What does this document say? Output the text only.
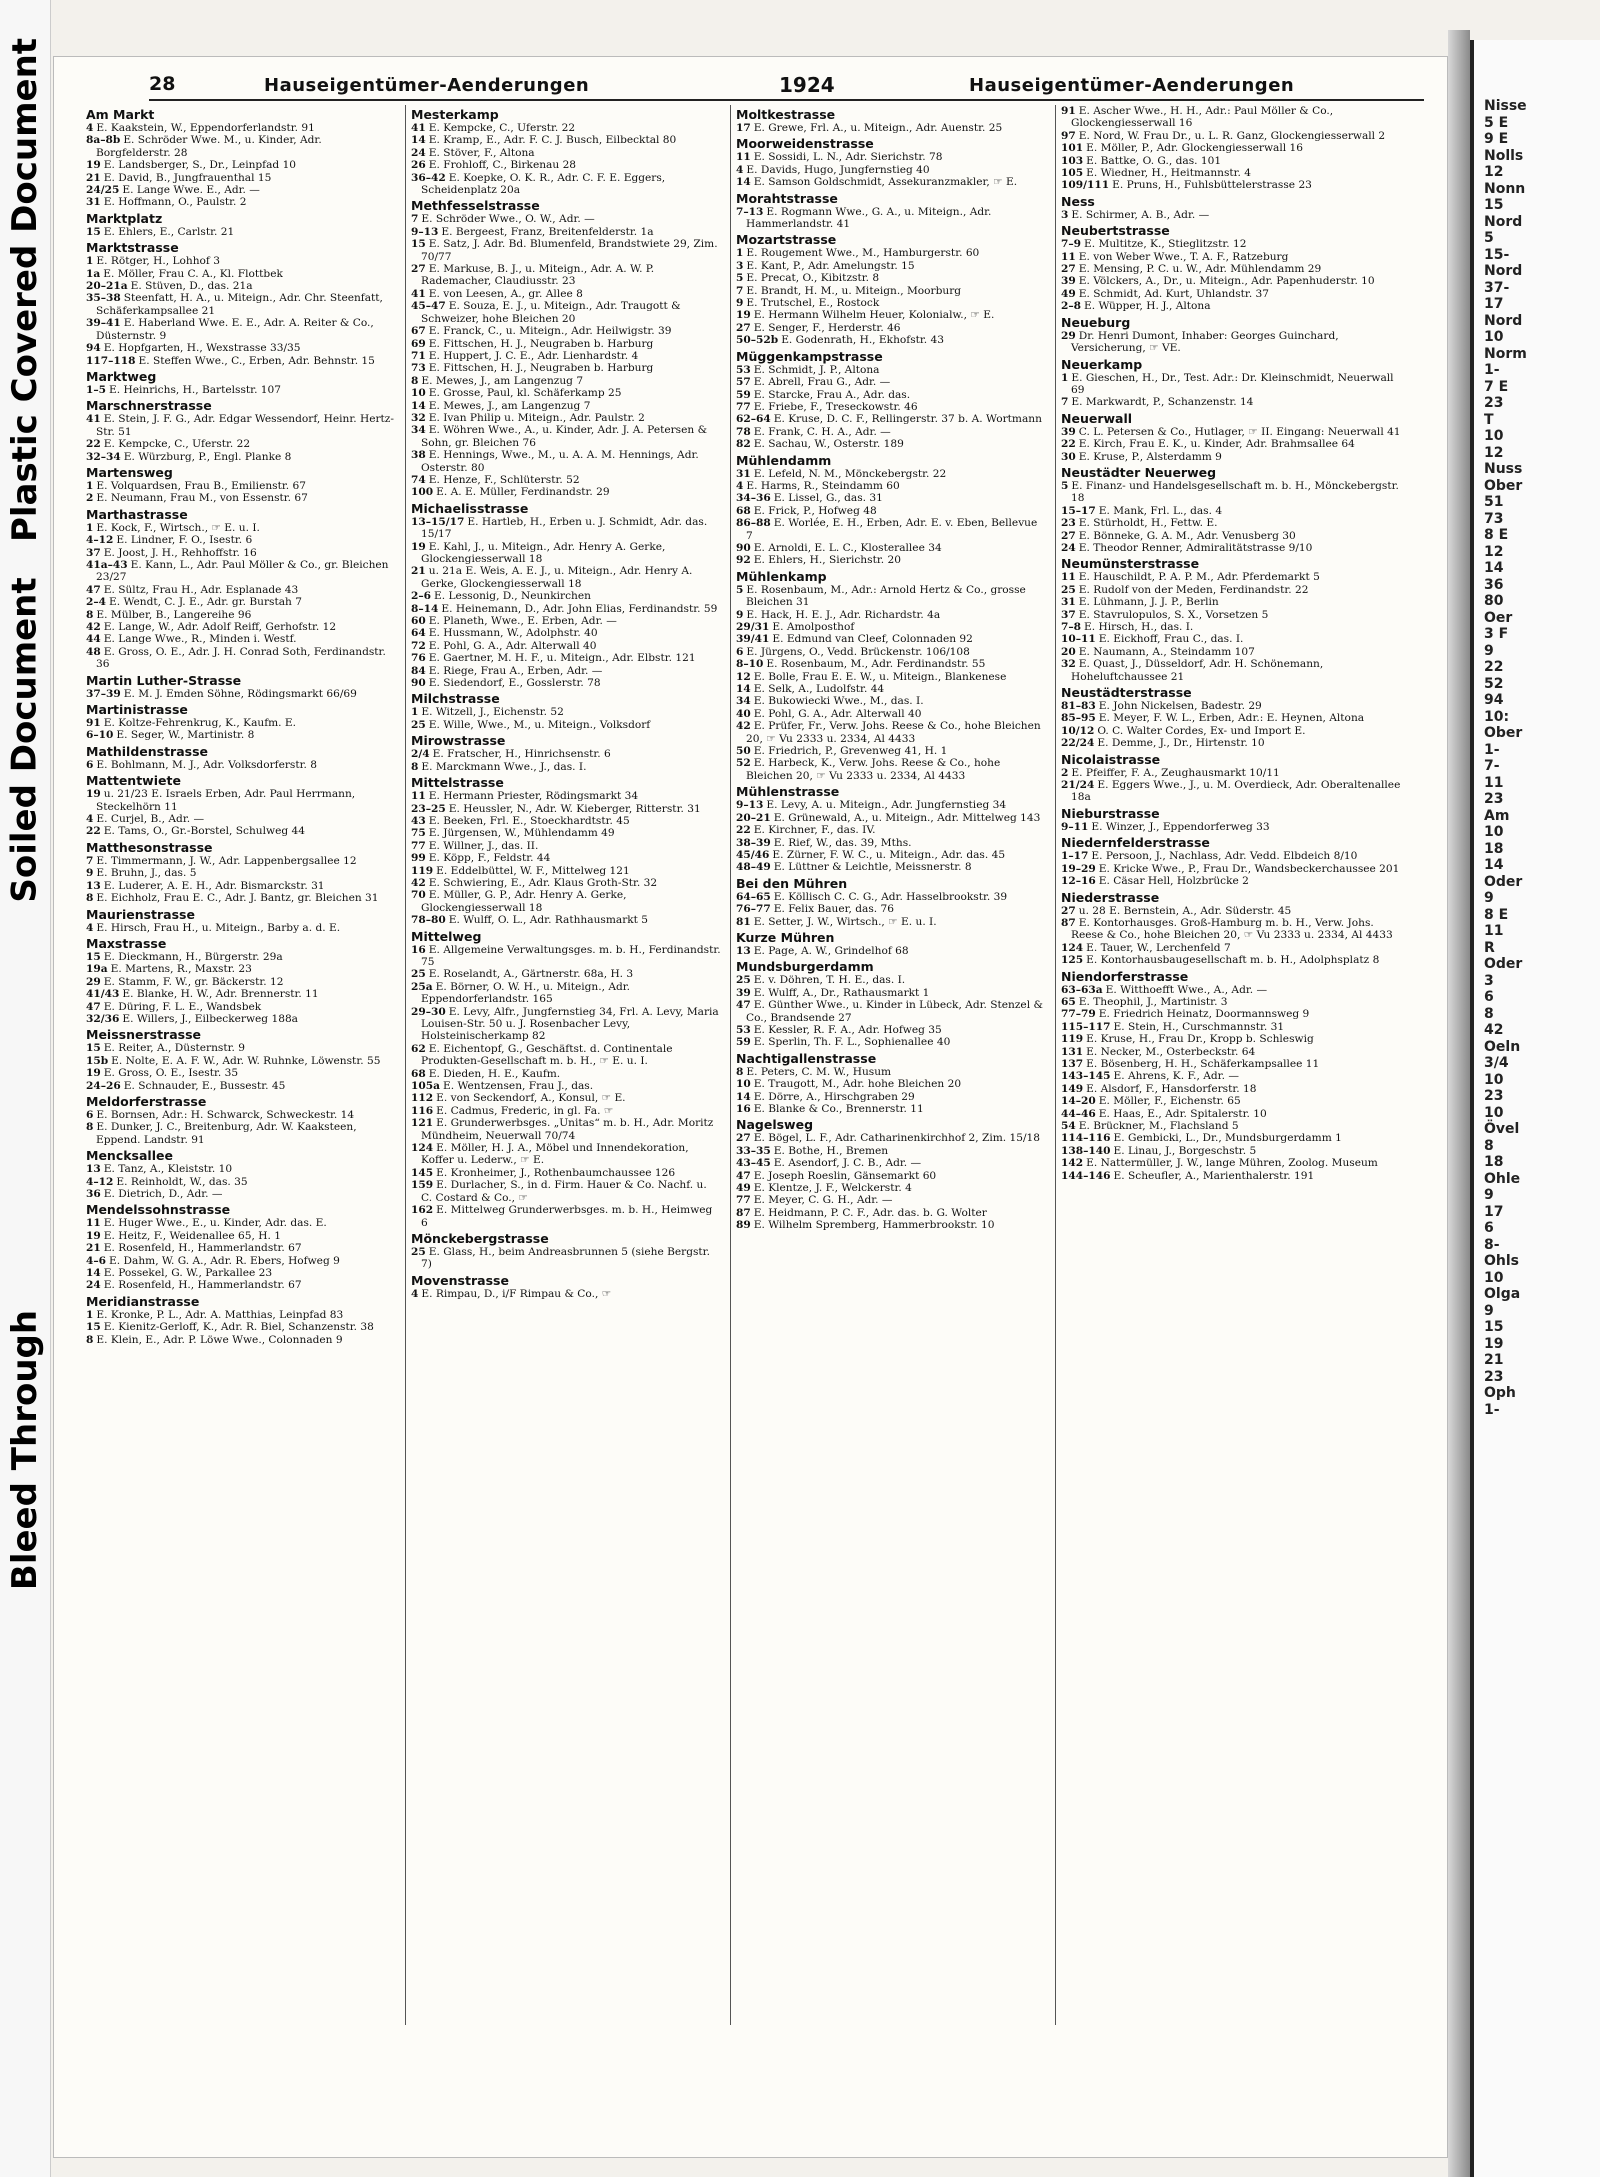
Plastic Covered Document
Soiled Document
Bleed Through
28	Hauseigentümer-Aenderungen	1924	Hauseigentümer-Aenderungen
Am Markt
4 E. Kaakstein, W., Eppendorferlandstr. 91
8a–8b E. Schröder Wwe. M., u. Kinder, Adr. Borgfelderstr. 28
19 E. Landsberger, S., Dr., Leinpfad 10
21 E. David, B., Jungfrauenthal 15
24/25 E. Lange Wwe. E., Adr. —
31 E. Hoffmann, O., Paulstr. 2
Marktplatz
15 E. Ehlers, E., Carlstr. 21
Marktstrasse
1 E. Rötger, H., Lohhof 3
1a E. Möller, Frau C. A., Kl. Flottbek
20–21a E. Stüven, D., das. 21a
35–38 Steenfatt, H. A., u. Miteign., Adr. Chr. Steenfatt, Schäferkampsallee 21
39–41 E. Haberland Wwe. E. E., Adr. A. Reiter & Co., Düsternstr. 9
94 E. Hopfgarten, H., Wexstrasse 33/35
117–118 E. Steffen Wwe., C., Erben, Adr. Behnstr. 15
Marktweg
1–5 E. Heinrichs, H., Bartelsstr. 107
Marschnerstrasse
41 E. Stein, J. F. G., Adr. Edgar Wessendorf, Heinr. Hertz-Str. 51
22 E. Kempcke, C., Uferstr. 22
32–34 E. Würzburg, P., Engl. Planke 8
Martensweg
1 E. Volquardsen, Frau B., Emilienstr. 67
2 E. Neumann, Frau M., von Essenstr. 67
Marthastrasse
1 E. Kock, F., Wirtsch., ☞ E. u. I.
4–12 E. Lindner, F. O., Isestr. 6
37 E. Joost, J. H., Rehhoffstr. 16
41a–43 E. Kann, L., Adr. Paul Möller & Co., gr. Bleichen 23/27
47 E. Sültz, Frau H., Adr. Esplanade 43
2–4 E. Wendt, C. J. E., Adr. gr. Burstah 7
8 E. Mülber, B., Langereihe 96
42 E. Lange, W., Adr. Adolf Reiff, Gerhofstr. 12
44 E. Lange Wwe., R., Minden i. Westf.
48 E. Gross, O. E., Adr. J. H. Conrad Soth, Ferdinandstr. 36
Martin Luther-Strasse
37–39 E. M. J. Emden Söhne, Rödingsmarkt 66/69
Martinistrasse
91 E. Koltze-Fehrenkrug, K., Kaufm. E.
6–10 E. Seger, W., Martinistr. 8
Mathildenstrasse
6 E. Bohlmann, M. J., Adr. Volksdorferstr. 8
Mattentwiete
19 u. 21/23 E. Israels Erben, Adr. Paul Herrmann, Steckelhörn 11
4 E. Curjel, B., Adr. —
22 E. Tams, O., Gr.-Borstel, Schulweg 44
Matthesonstrasse
7 E. Timmermann, J. W., Adr. Lappenbergsallee 12
9 E. Bruhn, J., das. 5
13 E. Luderer, A. E. H., Adr. Bismarckstr. 31
8 E. Eichholz, Frau E. C., Adr. J. Bantz, gr. Bleichen 31
Maurienstrasse
4 E. Hirsch, Frau H., u. Miteign., Barby a. d. E.
Maxstrasse
15 E. Dieckmann, H., Bürgerstr. 29a
19a E. Martens, R., Maxstr. 23
29 E. Stamm, F. W., gr. Bäckerstr. 12
41/43 E. Blanke, H. W., Adr. Brennerstr. 11
47 E. Düring, F. L. E., Wandsbek
32/36 E. Willers, J., Eilbeckerweg 188a
Meissnerstrasse
15 E. Reiter, A., Düsternstr. 9
15b E. Nolte, E. A. F. W., Adr. W. Ruhnke, Löwenstr. 55
19 E. Gross, O. E., Isestr. 35
24–26 E. Schnauder, E., Bussestr. 45
Meldorferstrasse
6 E. Bornsen, Adr.: H. Schwarck, Schweckestr. 14
8 E. Dunker, J. C., Breitenburg, Adr. W. Kaaksteen, Eppend. Landstr. 91
Mencksallee
13 E. Tanz, A., Kleiststr. 10
4–12 E. Reinholdt, W., das. 35
36 E. Dietrich, D., Adr. —
Mendelssohnstrasse
11 E. Huger Wwe., E., u. Kinder, Adr. das. E.
19 E. Heitz, F., Weidenallee 65, H. 1
21 E. Rosenfeld, H., Hammerlandstr. 67
4–6 E. Dahm, W. G. A., Adr. R. Ebers, Hofweg 9
14 E. Possekel, G. W., Parkallee 23
24 E. Rosenfeld, H., Hammerlandstr. 67
Meridianstrasse
1 E. Kronke, P. L., Adr. A. Matthias, Leinpfad 83
15 E. Kienitz-Gerloff, K., Adr. R. Biel, Schanzenstr. 38
8 E. Klein, E., Adr. P. Löwe Wwe., Colonnaden 9
Mesterkamp
41 E. Kempcke, C., Uferstr. 22
14 E. Kramp, E., Adr. F. C. J. Busch, Eilbecktal 80
24 E. Stöver, F., Altona
26 E. Frohloff, C., Birkenau 28
36–42 E. Koepke, O. K. R., Adr. C. F. E. Eggers, Scheidenplatz 20a
Methfesselstrasse
7 E. Schröder Wwe., O. W., Adr. —
9–13 E. Bergeest, Franz, Breitenfelderstr. 1a
15 E. Satz, J. Adr. Bd. Blumenfeld, Brandstwiete 29, Zim. 70/77
27 E. Markuse, B. J., u. Miteign., Adr. A. W. P. Rademacher, Claudiusstr. 23
41 E. von Leesen, A., gr. Allee 8
45–47 E. Souza, E. J., u. Miteign., Adr. Traugott & Schweizer, hohe Bleichen 20
67 E. Franck, C., u. Miteign., Adr. Heilwigstr. 39
69 E. Fittschen, H. J., Neugraben b. Harburg
71 E. Huppert, J. C. E., Adr. Lienhardstr. 4
73 E. Fittschen, H. J., Neugraben b. Harburg
8 E. Mewes, J., am Langenzug 7
10 E. Grosse, Paul, kl. Schäferkamp 25
14 E. Mewes, J., am Langenzug 7
32 E. Ivan Philip u. Miteign., Adr. Paulstr. 2
34 E. Wöhren Wwe., A., u. Kinder, Adr. J. A. Petersen & Sohn, gr. Bleichen 76
38 E. Hennings, Wwe., M., u. A. A. M. Hennings, Adr. Osterstr. 80
74 E. Henze, F., Schlüterstr. 52
100 E. A. E. Müller, Ferdinandstr. 29
Michaelisstrasse
13–15/17 E. Hartleb, H., Erben u. J. Schmidt, Adr. das. 15/17
19 E. Kahl, J., u. Miteign., Adr. Henry A. Gerke, Glockengiesserwall 18
21 u. 21a E. Weis, A. E. J., u. Miteign., Adr. Henry A. Gerke, Glockengiesserwall 18
2–6 E. Lessonig, D., Neunkirchen
8–14 E. Heinemann, D., Adr. John Elias, Ferdinandstr. 59
60 E. Planeth, Wwe., E. Erben, Adr. —
64 E. Hussmann, W., Adolphstr. 40
72 E. Pohl, G. A., Adr. Alterwall 40
76 E. Gaertner, M. H. F., u. Miteign., Adr. Elbstr. 121
84 E. Riege, Frau A., Erben, Adr. —
90 E. Siedendorf, E., Gosslerstr. 78
Milchstrasse
1 E. Witzell, J., Eichenstr. 52
25 E. Wille, Wwe., M., u. Miteign., Volksdorf
Mirowstrasse
2/4 E. Fratscher, H., Hinrichsenstr. 6
8 E. Marckmann Wwe., J., das. I.
Mittelstrasse
11 E. Hermann Priester, Rödingsmarkt 34
23–25 E. Heussler, N., Adr. W. Kieberger, Ritterstr. 31
43 E. Beeken, Frl. E., Stoeckhardtstr. 45
75 E. Jürgensen, W., Mühlendamm 49
77 E. Willner, J., das. II.
99 E. Köpp, F., Feldstr. 44
119 E. Eddelbüttel, W. F., Mittelweg 121
42 E. Schwiering, E., Adr. Klaus Groth-Str. 32
70 E. Müller, G. P., Adr. Henry A. Gerke, Glockengiesserwall 18
78–80 E. Wulff, O. L., Adr. Rathhausmarkt 5
Mittelweg
16 E. Allgemeine Verwaltungsges. m. b. H., Ferdinandstr. 75
25 E. Roselandt, A., Gärtnerstr. 68a, H. 3
25a E. Börner, O. W. H., u. Miteign., Adr. Eppendorferlandstr. 165
29–30 E. Levy, Alfr., Jungfernstieg 34, Frl. A. Levy, Maria Louisen-Str. 50 u. J. Rosenbacher Levy, Holsteinischerkamp 82
62 E. Eichentopf, G., Geschäftst. d. Continentale Produkten-Gesellschaft m. b. H., ☞ E. u. I.
68 E. Dieden, H. E., Kaufm.
105a E. Wentzensen, Frau J., das.
112 E. von Seckendorf, A., Konsul, ☞ E.
116 E. Cadmus, Frederic, in gl. Fa. ☞
121 E. Grunderwerbsges. „Unitas“ m. b. H., Adr. Moritz Mündheim, Neuerwall 70/74
124 E. Möller, H. J. A., Möbel und Innendekoration, Koffer u. Lederw., ☞ E.
145 E. Kronheimer, J., Rothenbaumchaussee 126
159 E. Durlacher, S., in d. Firm. Hauer & Co. Nachf. u. C. Costard & Co., ☞
162 E. Mittelweg Grunderwerbsges. m. b. H., Heimweg 6
Mönckebergstrasse
25 E. Glass, H., beim Andreasbrunnen 5 (siehe Bergstr. 7)
Movenstrasse
4 E. Rimpau, D., i/F Rimpau & Co., ☞
Moltkestrasse
17 E. Grewe, Frl. A., u. Miteign., Adr. Auenstr. 25
Moorweidenstrasse
11 E. Sossidi, L. N., Adr. Sierichstr. 78
4 E. Davids, Hugo, Jungfernstieg 40
14 E. Samson Goldschmidt, Assekuranzmakler, ☞ E.
Morahtstrasse
7–13 E. Rogmann Wwe., G. A., u. Miteign., Adr. Hammerlandstr. 41
Mozartstrasse
1 E. Rougement Wwe., M., Hamburgerstr. 60
3 E. Kant, P., Adr. Amelungstr. 15
5 E. Precat, O., Kibitzstr. 8
7 E. Brandt, H. M., u. Miteign., Moorburg
9 E. Trutschel, E., Rostock
19 E. Hermann Wilhelm Heuer, Kolonialw., ☞ E.
27 E. Senger, F., Herderstr. 46
50–52b E. Godenrath, H., Ekhofstr. 43
Müggenkampstrasse
53 E. Schmidt, J. P., Altona
57 E. Abrell, Frau G., Adr. —
59 E. Starcke, Frau A., Adr. das.
77 E. Friebe, F., Treseckowstr. 46
62–64 E. Kruse, D. C. F., Rellingerstr. 37 b. A. Wortmann
78 E. Frank, C. H. A., Adr. —
82 E. Sachau, W., Osterstr. 189
Mühlendamm
31 E. Lefeld, N. M., Mönckebergstr. 22
4 E. Harms, R., Steindamm 60
34–36 E. Lissel, G., das. 31
68 E. Frick, P., Hofweg 48
86–88 E. Worlée, E. H., Erben, Adr. E. v. Eben, Bellevue 7
90 E. Arnoldi, E. L. C., Klosterallee 34
92 E. Ehlers, H., Sierichstr. 20
Mühlenkamp
5 E. Rosenbaum, M., Adr.: Arnold Hertz & Co., grosse Bleichen 31
9 E. Hack, H. E. J., Adr. Richardstr. 4a
29/31 E. Amolposthof
39/41 E. Edmund van Cleef, Colonnaden 92
6 E. Jürgens, O., Vedd. Brückenstr. 106/108
8–10 E. Rosenbaum, M., Adr. Ferdinandstr. 55
12 E. Bolle, Frau E. E. W., u. Miteign., Blankenese
14 E. Selk, A., Ludolfstr. 44
34 E. Bukowiecki Wwe., M., das. I.
40 E. Pohl, G. A., Adr. Alterwall 40
42 E. Prüfer, Fr., Verw. Johs. Reese & Co., hohe Bleichen 20, ☞ Vu 2333 u. 2334, Al 4433
50 E. Friedrich, P., Grevenweg 41, H. 1
52 E. Harbeck, K., Verw. Johs. Reese & Co., hohe Bleichen 20, ☞ Vu 2333 u. 2334, Al 4433
Mühlenstrasse
9–13 E. Levy, A. u. Miteign., Adr. Jungfernstieg 34
20–21 E. Grünewald, A., u. Miteign., Adr. Mittelweg 143
22 E. Kirchner, F., das. IV.
38–39 E. Rief, W., das. 39, Mths.
45/46 E. Zürner, F. W. C., u. Miteign., Adr. das. 45
48–49 E. Lüttner & Leichtle, Meissnerstr. 8
Bei den Mühren
64–65 E. Köllisch C. C. G., Adr. Hasselbrookstr. 39
76–77 E. Felix Bauer, das. 76
81 E. Setter, J. W., Wirtsch., ☞ E. u. I.
Kurze Mühren
13 E. Page, A. W., Grindelhof 68
Mundsburgerdamm
25 E. v. Döhren, T. H. E., das. I.
39 E. Wulff, A., Dr., Rathausmarkt 1
47 E. Günther Wwe., u. Kinder in Lübeck, Adr. Stenzel & Co., Brandsende 27
53 E. Kessler, R. F. A., Adr. Hofweg 35
59 E. Sperlin, Th. F. L., Sophienallee 40
Nachtigallenstrasse
8 E. Peters, C. M. W., Husum
10 E. Traugott, M., Adr. hohe Bleichen 20
14 E. Dörre, A., Hirschgraben 29
16 E. Blanke & Co., Brennerstr. 11
Nagelsweg
27 E. Bögel, L. F., Adr. Catharinenkirchhof 2, Zim. 15/18
33–35 E. Bothe, H., Bremen
43–45 E. Asendorf, J. C. B., Adr. —
47 E. Joseph Roeslin, Gänsemarkt 60
49 E. Klentze, J. F., Welckerstr. 4
77 E. Meyer, C. G. H., Adr. —
87 E. Heidmann, P. C. F., Adr. das. b. G. Wolter
89 E. Wilhelm Spremberg, Hammerbrookstr. 10
91 E. Ascher Wwe., H. H., Adr.: Paul Möller & Co., Glockengiesserwall 16
97 E. Nord, W. Frau Dr., u. L. R. Ganz, Glockengiesserwall 2
101 E. Möller, P., Adr. Glockengiesserwall 16
103 E. Battke, O. G., das. 101
105 E. Wiedner, H., Heitmannstr. 4
109/111 E. Pruns, H., Fuhlsbüttelerstrasse 23
Ness
3 E. Schirmer, A. B., Adr. —
Neubertstrasse
7–9 E. Multitze, K., Stieglitzstr. 12
11 E. von Weber Wwe., T. A. F., Ratzeburg
27 E. Mensing, P. C. u. W., Adr. Mühlendamm 29
39 E. Völckers, A., Dr., u. Miteign., Adr. Papenhuderstr. 10
49 E. Schmidt, Ad. Kurt, Uhlandstr. 37
2–8 E. Wüpper, H. J., Altona
Neueburg
29 Dr. Henri Dumont, Inhaber: Georges Guinchard, Versicherung, ☞ VE.
Neuerkamp
1 E. Gieschen, H., Dr., Test. Adr.: Dr. Kleinschmidt, Neuerwall 69
7 E. Markwardt, P., Schanzenstr. 14
Neuerwall
39 C. L. Petersen & Co., Hutlager, ☞ II. Eingang: Neuerwall 41
22 E. Kirch, Frau E. K., u. Kinder, Adr. Brahmsallee 64
30 E. Kruse, P., Alsterdamm 9
Neustädter Neuerweg
5 E. Finanz- und Handelsgesellschaft m. b. H., Mönckebergstr. 18
15–17 E. Mank, Frl. L., das. 4
23 E. Stürholdt, H., Fettw. E.
27 E. Bönneke, G. A. M., Adr. Venusberg 30
24 E. Theodor Renner, Admiralitätstrasse 9/10
Neumünsterstrasse
11 E. Hauschildt, P. A. P. M., Adr. Pferdemarkt 5
25 E. Rudolf von der Meden, Ferdinandstr. 22
31 E. Lühmann, J. J. P., Berlin
37 E. Stavrulopulos, S. X., Vorsetzen 5
7–8 E. Hirsch, H., das. I.
10–11 E. Eickhoff, Frau C., das. I.
20 E. Naumann, A., Steindamm 107
32 E. Quast, J., Düsseldorf, Adr. H. Schönemann, Hoheluftchaussee 21
Neustädterstrasse
81–83 E. John Nickelsen, Badestr. 29
85–95 E. Meyer, F. W. L., Erben, Adr.: E. Heynen, Altona
10/12 O. C. Walter Cordes, Ex- und Import E.
22/24 E. Demme, J., Dr., Hirtenstr. 10
Nicolaistrasse
2 E. Pfeiffer, F. A., Zeughausmarkt 10/11
21/24 E. Eggers Wwe., J., u. M. Overdieck, Adr. Oberaltenallee 18a
Nieburstrasse
9–11 E. Winzer, J., Eppendorferweg 33
Niedernfelderstrasse
1–17 E. Persoon, J., Nachlass, Adr. Vedd. Elbdeich 8/10
19–29 E. Kricke Wwe., P., Frau Dr., Wandsbeckerchaussee 201
12–16 E. Cäsar Hell, Holzbrücke 2
Niederstrasse
27 u. 28 E. Bernstein, A., Adr. Süderstr. 45
87 E. Kontorhausges. Groß-Hamburg m. b. H., Verw. Johs. Reese & Co., hohe Bleichen 20, ☞ Vu 2333 u. 2334, Al 4433
124 E. Tauer, W., Lerchenfeld 7
125 E. Kontorhausbaugesellschaft m. b. H., Adolphsplatz 8
Niendorferstrasse
63–63a E. Witthoefft Wwe., A., Adr. —
65 E. Theophil, J., Martinistr. 3
77–79 E. Friedrich Heinatz, Doormannsweg 9
115–117 E. Stein, H., Curschmannstr. 31
119 E. Kruse, H., Frau Dr., Kropp b. Schleswig
131 E. Necker, M., Osterbeckstr. 64
137 E. Bösenberg, H. H., Schäferkampsallee 11
143–145 E. Ahrens, K. F., Adr. —
149 E. Alsdorf, F., Hansdorferstr. 18
14–20 E. Möller, F., Eichenstr. 65
44–46 E. Haas, E., Adr. Spitalerstr. 10
54 E. Brückner, M., Flachsland 5
114–116 E. Gembicki, L., Dr., Mundsburgerdamm 1
138–140 E. Linau, J., Borgeschstr. 5
142 E. Nattermüller, J. W., lange Mühren, Zoolog. Museum
144–146 E. Scheufler, A., Marienthalerstr. 191
Nisse
5 E
9 E
Nolls
12
Nonn
15
Nord
5
15-
Nord
37-
17
Nord
10
Norm
1-
7 E
23
T
10
12
Nuss
Ober
51
73
8 E
12
14
36
80
Oer
3 F
9
22
52
94
10:
Ober
1-
7-
11
23
Am
10
18
14
Oder
9
8 E
11
R
Oder
3
6
8
42
Oeln
3/4
10
23
10
Övel
8
18
Ohle
9
17
6
8-
Ohls
10
Olga
9
15
19
21
23
Oph
1-
